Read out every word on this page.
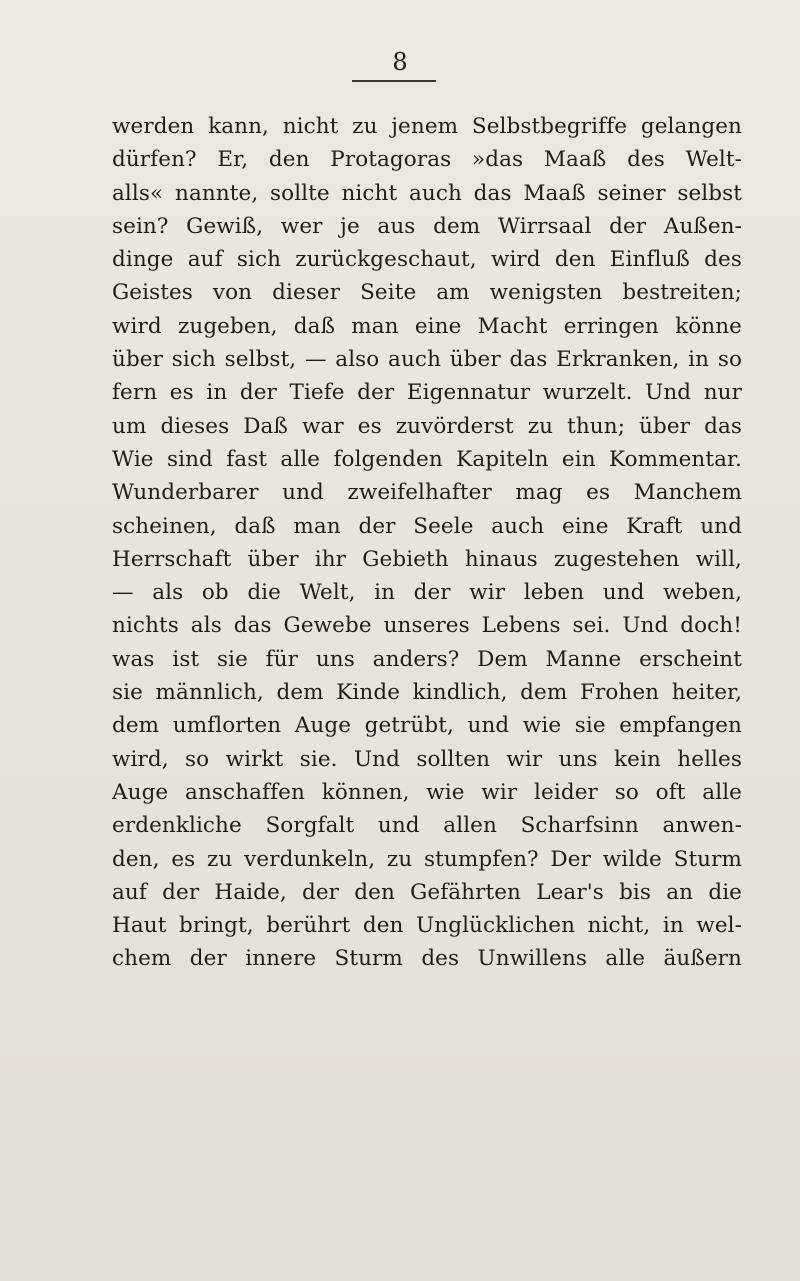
8
werden kann, nicht zu jenem Selbstbegriffe gelangen
dürfen? Er, den Protagoras »das Maaß des Welt-
alls« nannte, sollte nicht auch das Maaß seiner selbst
sein? Gewiß, wer je aus dem Wirrsaal der Außen-
dinge auf sich zurückgeschaut, wird den Einfluß des
Geistes von dieser Seite am wenigsten bestreiten;
wird zugeben, daß man eine Macht erringen könne
über sich selbst, — also auch über das Erkranken, in so
fern es in der Tiefe der Eigennatur wurzelt. Und nur
um dieses Daß war es zuvörderst zu thun; über das
Wie sind fast alle folgenden Kapiteln ein Kommentar.
Wunderbarer und zweifelhafter mag es Manchem
scheinen, daß man der Seele auch eine Kraft und
Herrschaft über ihr Gebieth hinaus zugestehen will,
— als ob die Welt, in der wir leben und weben,
nichts als das Gewebe unseres Lebens sei. Und doch!
was ist sie für uns anders? Dem Manne erscheint
sie männlich, dem Kinde kindlich, dem Frohen heiter,
dem umflorten Auge getrübt, und wie sie empfangen
wird, so wirkt sie. Und sollten wir uns kein helles
Auge anschaffen können, wie wir leider so oft alle
erdenkliche Sorgfalt und allen Scharfsinn anwen-
den, es zu verdunkeln, zu stumpfen? Der wilde Sturm
auf der Haide, der den Gefährten Lear's bis an die
Haut bringt, berührt den Unglücklichen nicht, in wel-
chem der innere Sturm des Unwillens alle äußern
